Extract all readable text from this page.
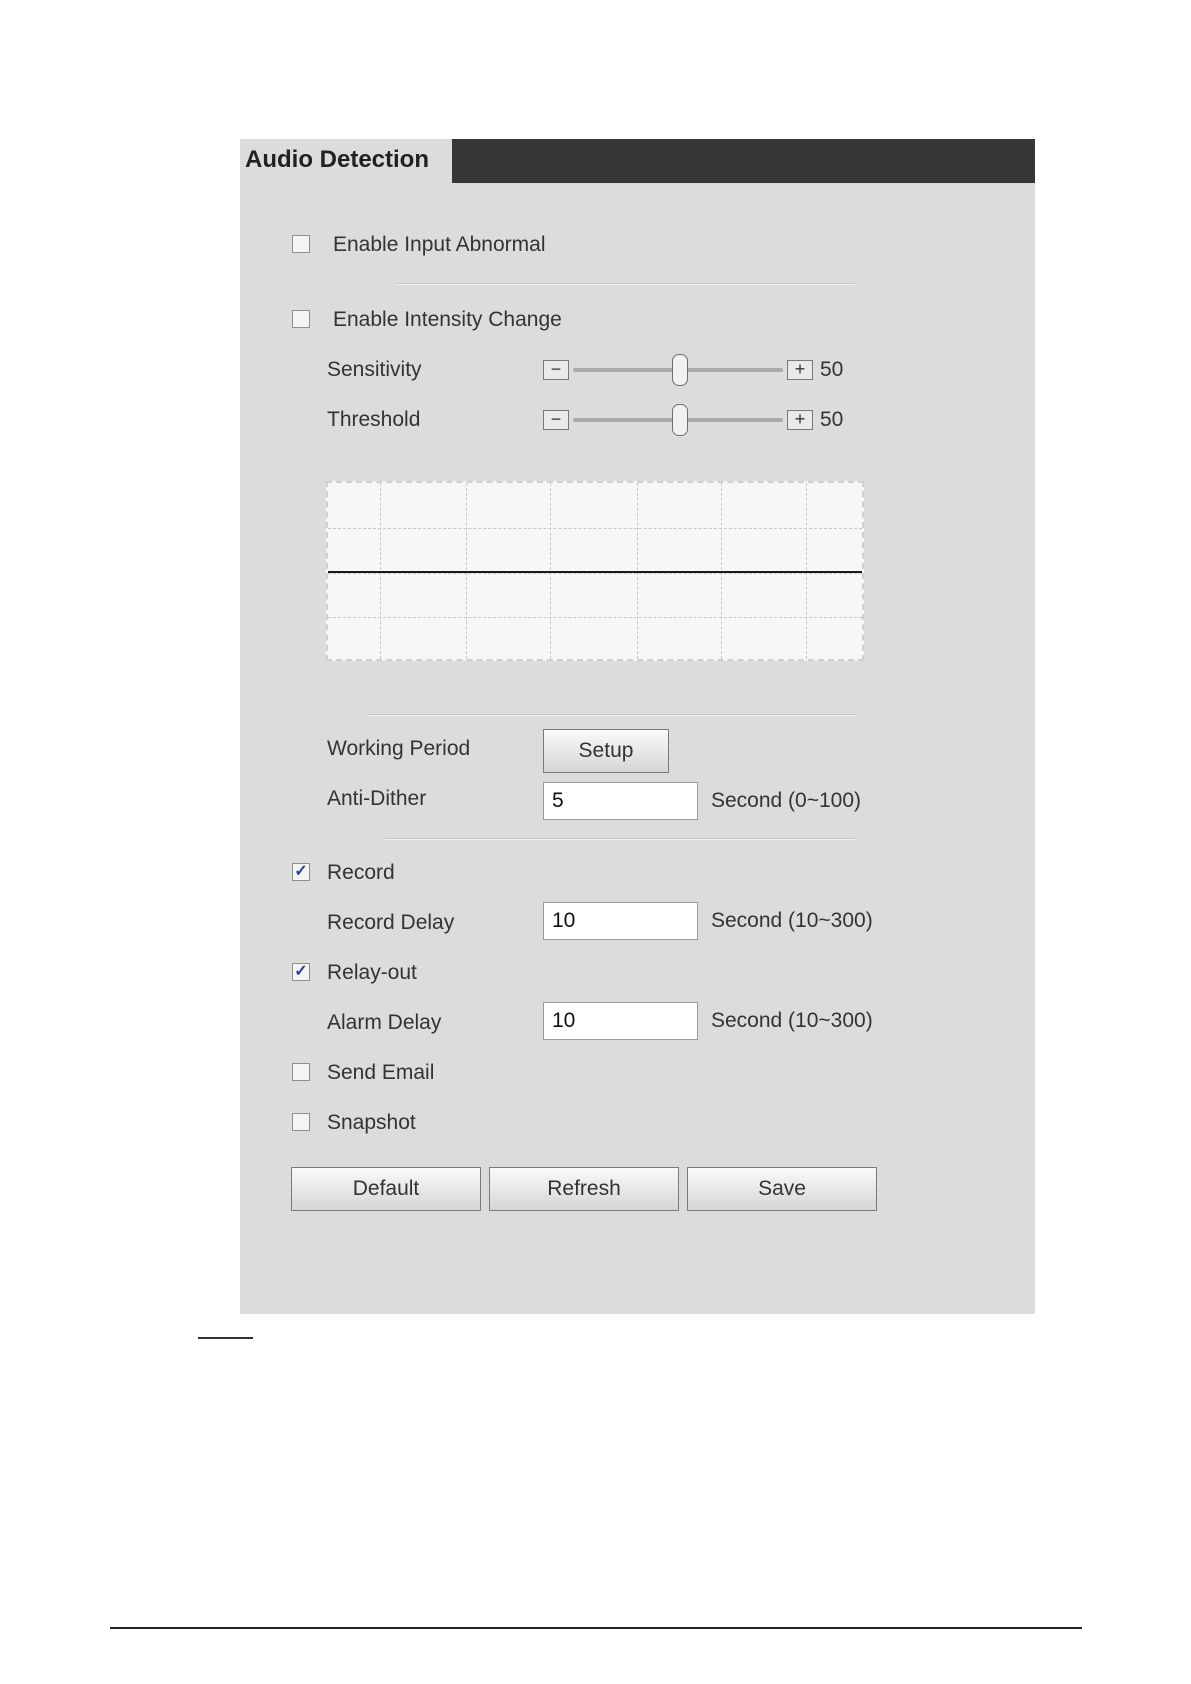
Audio Detection
Enable Input Abnormal
Enable Intensity Change
Sensitivity	−	+ 50
Threshold	−	+ 50
Working Period	Setup
Anti-Dither	5	Second (0~100)
✓ Record
Record Delay	10	Second (10~300)
✓ Relay-out
Alarm Delay	10	Second (10~300)
Send Email
Snapshot
Default	Refresh	Save
